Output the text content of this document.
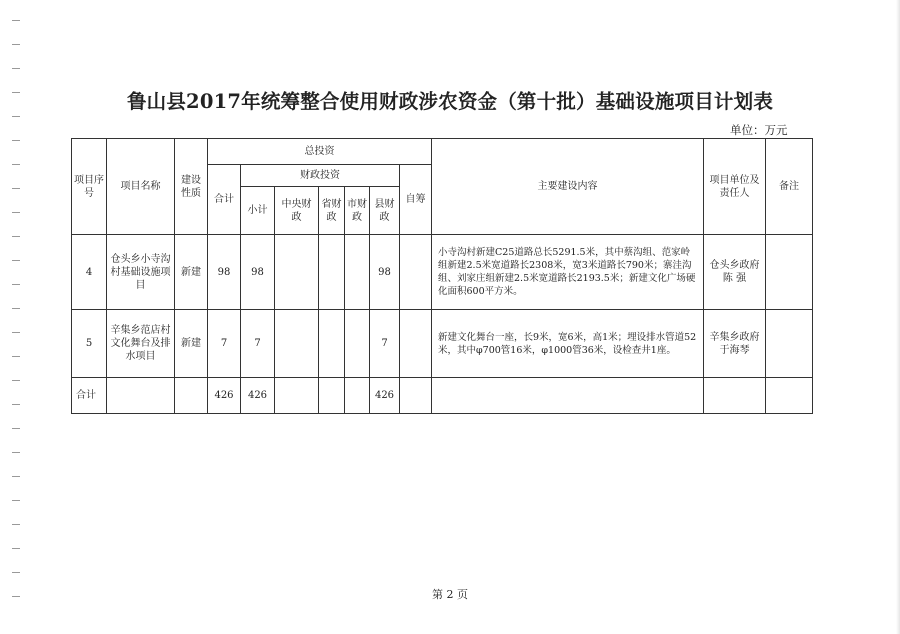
鲁山县2017年统筹整合使用财政涉农资金（第十批）基础设施项目计划表
单位：万元
项目序号	项目名称	建设性质	总投资							主要建设内容	项目单位及责任人	备注
			合计	财政投资					自筹			
				小计	中央财政	省财政	市财政	县财政				

4	仓头乡小寺沟村基础设施项目	新建	98	98				98		小寺沟村新建C25道路总长5291.5米，其中蔡沟组、范家岭组新建2.5米宽道路长2308米，宽3米道路长790米；寨洼沟组、刘家庄组新建2.5米宽道路长2193.5米；新建文化广场硬化面积600平方米。	仓头乡政府 陈 强	
5	辛集乡范店村文化舞台及排水项目	新建	7	7				7		新建文化舞台一座，长9米，宽6米，高1米；埋设排水管道52米，其中φ700管16米，φ1000管36米，设检查井1座。	辛集乡政府 于海琴	
合计			426	426				426				
第 2 页
